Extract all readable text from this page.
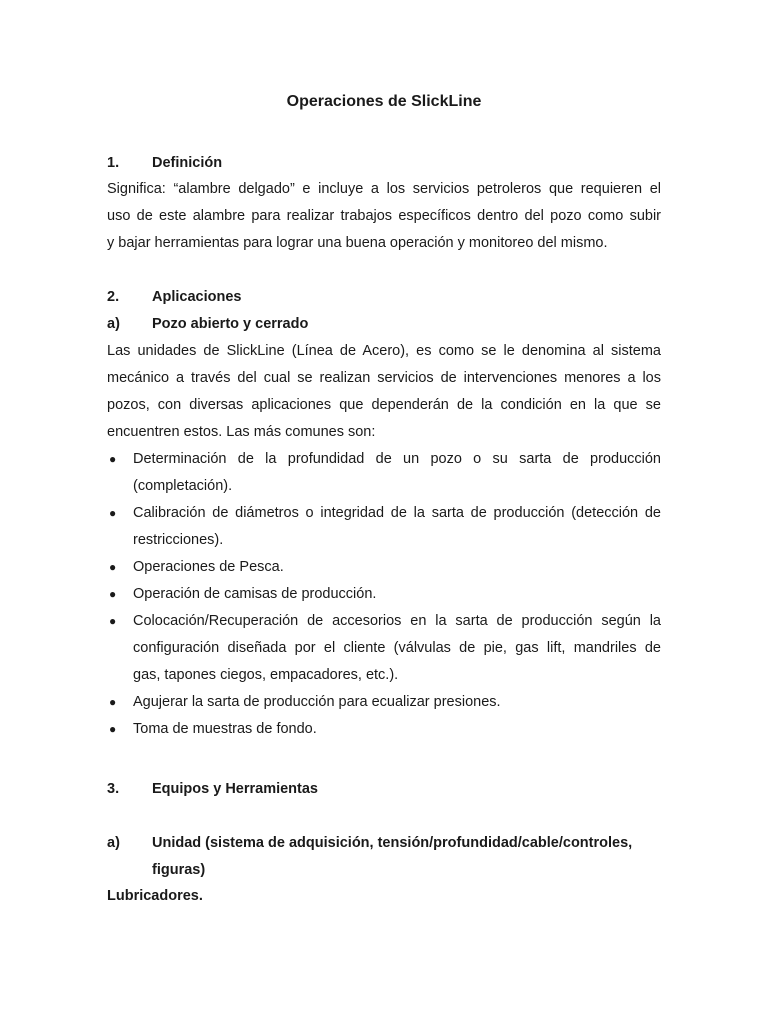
Operaciones de SlickLine
1.	Definición
Significa: “alambre delgado” e incluye a los servicios petroleros que requieren el
uso de este alambre para realizar trabajos específicos dentro del pozo como subir
y bajar herramientas para lograr una buena operación y monitoreo del mismo.
2.	Aplicaciones
a)	Pozo abierto y cerrado
Las unidades de SlickLine (Línea de Acero), es como se le denomina al sistema
mecánico a través del cual se realizan servicios de intervenciones menores a los
pozos, con diversas aplicaciones que dependerán de la condición en la que se
encuentren estos. Las más comunes son:
● Determinación de la profundidad de un pozo o su sarta de producción
(completación).
● Calibración de diámetros o integridad de la sarta de producción (detección de
restricciones).
● Operaciones de Pesca.
● Operación de camisas de producción.
● Colocación/Recuperación de accesorios en la sarta de producción según la
configuración diseñada por el cliente (válvulas de pie, gas lift, mandriles de
gas, tapones ciegos, empacadores, etc.).
● Agujerar la sarta de producción para ecualizar presiones.
● Toma de muestras de fondo.
3.	Equipos y Herramientas
a)	Unidad (sistema de adquisición, tensión/profundidad/cable/controles,
figuras)
Lubricadores.
